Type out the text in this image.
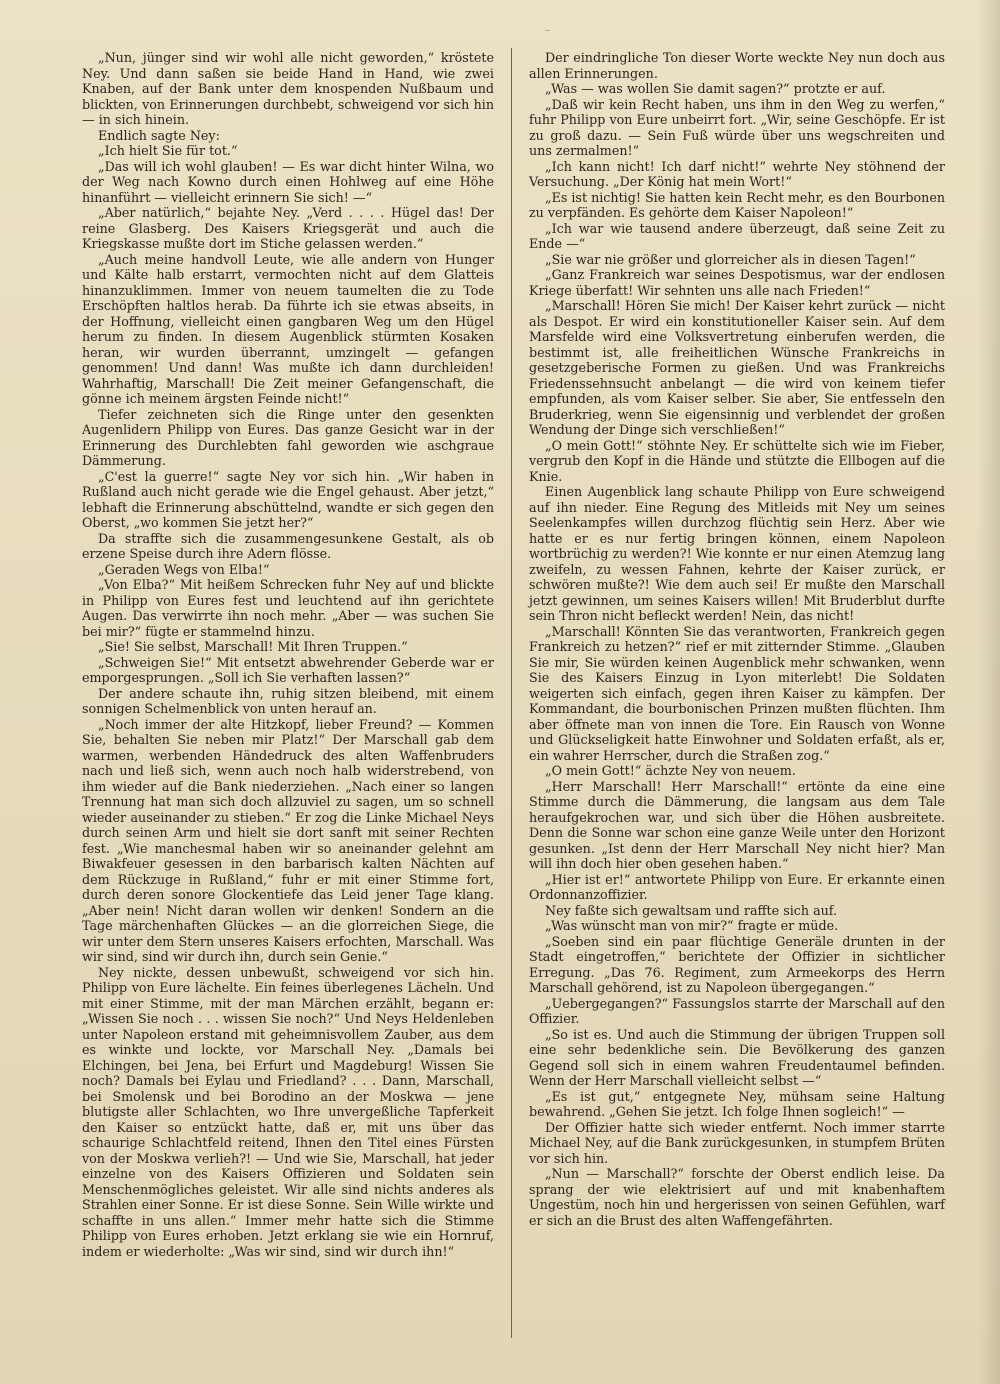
‾

„Nun, jünger sind wir wohl alle nicht geworden,“ kröstete Ney. Und dann saßen sie beide Hand in Hand, wie zwei Knaben, auf der Bank unter dem knospenden Nußbaum und blickten, von Erinnerungen durchbebt, schweigend vor sich hin — in sich hinein.

Endlich sagte Ney:

„Ich hielt Sie für tot.“

„Das will ich wohl glauben! — Es war dicht hinter Wilna, wo der Weg nach Kowno durch einen Hohlweg auf eine Höhe hinanführt — vielleicht erinnern Sie sich! —“

„Aber natürlich,“ bejahte Ney. „Verd . . . . Hügel das! Der reine Glasberg. Des Kaisers Kriegsgerät und auch die Kriegskasse mußte dort im Stiche gelassen werden.“

„Auch meine handvoll Leute, wie alle andern von Hunger und Kälte halb erstarrt, vermochten nicht auf dem Glatteis hinanzuklimmen. Immer von neuem taumelten die zu Tode Erschöpften haltlos herab. Da führte ich sie etwas abseits, in der Hoffnung, vielleicht einen gangbaren Weg um den Hügel herum zu finden. In diesem Augenblick stürmten Kosaken heran, wir wurden überrannt, umzingelt — gefangen genommen! Und dann! Was mußte ich dann durchleiden! Wahrhaftig, Marschall! Die Zeit meiner Gefangenschaft, die gönne ich meinem ärgsten Feinde nicht!“

Tiefer zeichneten sich die Ringe unter den gesenkten Augenlidern Philipp von Eures. Das ganze Gesicht war in der Erinnerung des Durchlebten fahl geworden wie aschgraue Dämmerung.

„C'est la guerre!“ sagte Ney vor sich hin. „Wir haben in Rußland auch nicht gerade wie die Engel gehaust. Aber jetzt,“ lebhaft die Erinnerung abschüttelnd, wandte er sich gegen den Oberst, „wo kommen Sie jetzt her?“

Da straffte sich die zusammengesunkene Gestalt, als ob erzene Speise durch ihre Adern flösse.

„Geraden Wegs von Elba!“

„Von Elba?“ Mit heißem Schrecken fuhr Ney auf und blickte in Philipp von Eures fest und leuchtend auf ihn gerichtete Augen. Das verwirrte ihn noch mehr. „Aber — was suchen Sie bei mir?“ fügte er stammelnd hinzu.

„Sie! Sie selbst, Marschall! Mit Ihren Truppen.“

„Schweigen Sie!“ Mit entsetzt abwehrender Geberde war er emporgesprungen. „Soll ich Sie verhaften lassen?“

Der andere schaute ihn, ruhig sitzen bleibend, mit einem sonnigen Schelmenblick von unten herauf an.

„Noch immer der alte Hitzkopf, lieber Freund? — Kommen Sie, behalten Sie neben mir Platz!“ Der Marschall gab dem warmen, werbenden Händedruck des alten Waffenbruders nach und ließ sich, wenn auch noch halb widerstrebend, von ihm wieder auf die Bank niederziehen. „Nach einer so langen Trennung hat man sich doch allzuviel zu sagen, um so schnell wieder auseinander zu stieben.“ Er zog die Linke Michael Neys durch seinen Arm und hielt sie dort sanft mit seiner Rechten fest. „Wie manchesmal haben wir so aneinander gelehnt am Biwakfeuer gesessen in den barbarisch kalten Nächten auf dem Rückzuge in Rußland,“ fuhr er mit einer Stimme fort, durch deren sonore Glockentiefe das Leid jener Tage klang. „Aber nein! Nicht daran wollen wir denken! Sondern an die Tage märchenhaften Glückes — an die glorreichen Siege, die wir unter dem Stern unseres Kaisers erfochten, Marschall. Was wir sind, sind wir durch ihn, durch sein Genie.“

Ney nickte, dessen unbewußt, schweigend vor sich hin. Philipp von Eure lächelte. Ein feines überlegenes Lächeln. Und mit einer Stimme, mit der man Märchen erzählt, begann er: „Wissen Sie noch . . . wissen Sie noch?“ Und Neys Heldenleben unter Napoleon erstand mit geheimnisvollem Zauber, aus dem es winkte und lockte, vor Marschall Ney. „Damals bei Elchingen, bei Jena, bei Erfurt und Magdeburg! Wissen Sie noch? Damals bei Eylau und Friedland? . . . Dann, Marschall, bei Smolensk und bei Borodino an der Moskwa — jene blutigste aller Schlachten, wo Ihre unvergeßliche Tapferkeit den Kaiser so entzückt hatte, daß er, mit uns über das schaurige Schlachtfeld reitend, Ihnen den Titel eines Fürsten von der Moskwa verlieh?! — Und wie Sie, Marschall, hat jeder einzelne von des Kaisers Offizieren und Soldaten sein Menschenmögliches geleistet. Wir alle sind nichts anderes als Strahlen einer Sonne. Er ist diese Sonne. Sein Wille wirkte und schaffte in uns allen.“ Immer mehr hatte sich die Stimme Philipp von Eures erhoben. Jetzt erklang sie wie ein Hornruf, indem er wiederholte: „Was wir sind, sind wir durch ihn!“

Der eindringliche Ton dieser Worte weckte Ney nun doch aus allen Erinnerungen.

„Was — was wollen Sie damit sagen?“ protzte er auf.

„Daß wir kein Recht haben, uns ihm in den Weg zu werfen,“ fuhr Philipp von Eure unbeirrt fort. „Wir, seine Geschöpfe. Er ist zu groß dazu. — Sein Fuß würde über uns wegschreiten und uns zermalmen!“

„Ich kann nicht! Ich darf nicht!“ wehrte Ney stöhnend der Versuchung. „Der König hat mein Wort!“

„Es ist nichtig! Sie hatten kein Recht mehr, es den Bourbonen zu verpfänden. Es gehörte dem Kaiser Napoleon!“

„Ich war wie tausend andere überzeugt, daß seine Zeit zu Ende —“

„Sie war nie größer und glorreicher als in diesen Tagen!“

„Ganz Frankreich war seines Despotismus, war der endlosen Kriege überfatt! Wir sehnten uns alle nach Frieden!“

„Marschall! Hören Sie mich! Der Kaiser kehrt zurück — nicht als Despot. Er wird ein konstitutioneller Kaiser sein. Auf dem Marsfelde wird eine Volksvertretung einberufen werden, die bestimmt ist, alle freiheitlichen Wünsche Frankreichs in gesetzgeberische Formen zu gießen. Und was Frankreichs Friedenssehnsucht anbelangt — die wird von keinem tiefer empfunden, als vom Kaiser selber. Sie aber, Sie entfesseln den Bruderkrieg, wenn Sie eigensinnig und verblendet der großen Wendung der Dinge sich verschließen!“

„O mein Gott!“ stöhnte Ney. Er schüttelte sich wie im Fieber, vergrub den Kopf in die Hände und stützte die Ellbogen auf die Knie.

Einen Augenblick lang schaute Philipp von Eure schweigend auf ihn nieder. Eine Regung des Mitleids mit Ney um seines Seelenkampfes willen durchzog flüchtig sein Herz. Aber wie hatte er es nur fertig bringen können, einem Napoleon wortbrüchig zu werden?! Wie konnte er nur einen Atemzug lang zweifeln, zu wessen Fahnen, kehrte der Kaiser zurück, er schwören mußte?! Wie dem auch sei! Er mußte den Marschall jetzt gewinnen, um seines Kaisers willen! Mit Bruderblut durfte sein Thron nicht befleckt werden! Nein, das nicht!

„Marschall! Könnten Sie das verantworten, Frankreich gegen Frankreich zu hetzen?“ rief er mit zitternder Stimme. „Glauben Sie mir, Sie würden keinen Augenblick mehr schwanken, wenn Sie des Kaisers Einzug in Lyon miterlebt! Die Soldaten weigerten sich einfach, gegen ihren Kaiser zu kämpfen. Der Kommandant, die bourbonischen Prinzen mußten flüchten. Ihm aber öffnete man von innen die Tore. Ein Rausch von Wonne und Glückseligkeit hatte Einwohner und Soldaten erfaßt, als er, ein wahrer Herrscher, durch die Straßen zog.“

„O mein Gott!“ ächzte Ney von neuem.

„Herr Marschall! Herr Marschall!“ ertönte da eine eine Stimme durch die Dämmerung, die langsam aus dem Tale heraufgekrochen war, und sich über die Höhen ausbreitete. Denn die Sonne war schon eine ganze Weile unter den Horizont gesunken. „Ist denn der Herr Marschall Ney nicht hier? Man will ihn doch hier oben gesehen haben.“

„Hier ist er!“ antwortete Philipp von Eure. Er erkannte einen Ordonnanzoffizier.

Ney faßte sich gewaltsam und raffte sich auf.

„Was wünscht man von mir?“ fragte er müde.

„Soeben sind ein paar flüchtige Generäle drunten in der Stadt eingetroffen,“ berichtete der Offizier in sichtlicher Erregung. „Das 76. Regiment, zum Armeekorps des Herrn Marschall gehörend, ist zu Napoleon übergegangen.“

„Uebergegangen?“ Fassungslos starrte der Marschall auf den Offizier.

„So ist es. Und auch die Stimmung der übrigen Truppen soll eine sehr bedenkliche sein. Die Bevölkerung des ganzen Gegend soll sich in einem wahren Freudentaumel befinden. Wenn der Herr Marschall vielleicht selbst —“

„Es ist gut,“ entgegnete Ney, mühsam seine Haltung bewahrend. „Gehen Sie jetzt. Ich folge Ihnen sogleich!“ —

Der Offizier hatte sich wieder entfernt. Noch immer starrte Michael Ney, auf die Bank zurückgesunken, in stumpfem Brüten vor sich hin.

„Nun — Marschall?“ forschte der Oberst endlich leise. Da sprang der wie elektrisiert auf und mit knabenhaftem Ungestüm, noch hin und hergerissen von seinen Gefühlen, warf er sich an die Brust des alten Waffengefährten.
